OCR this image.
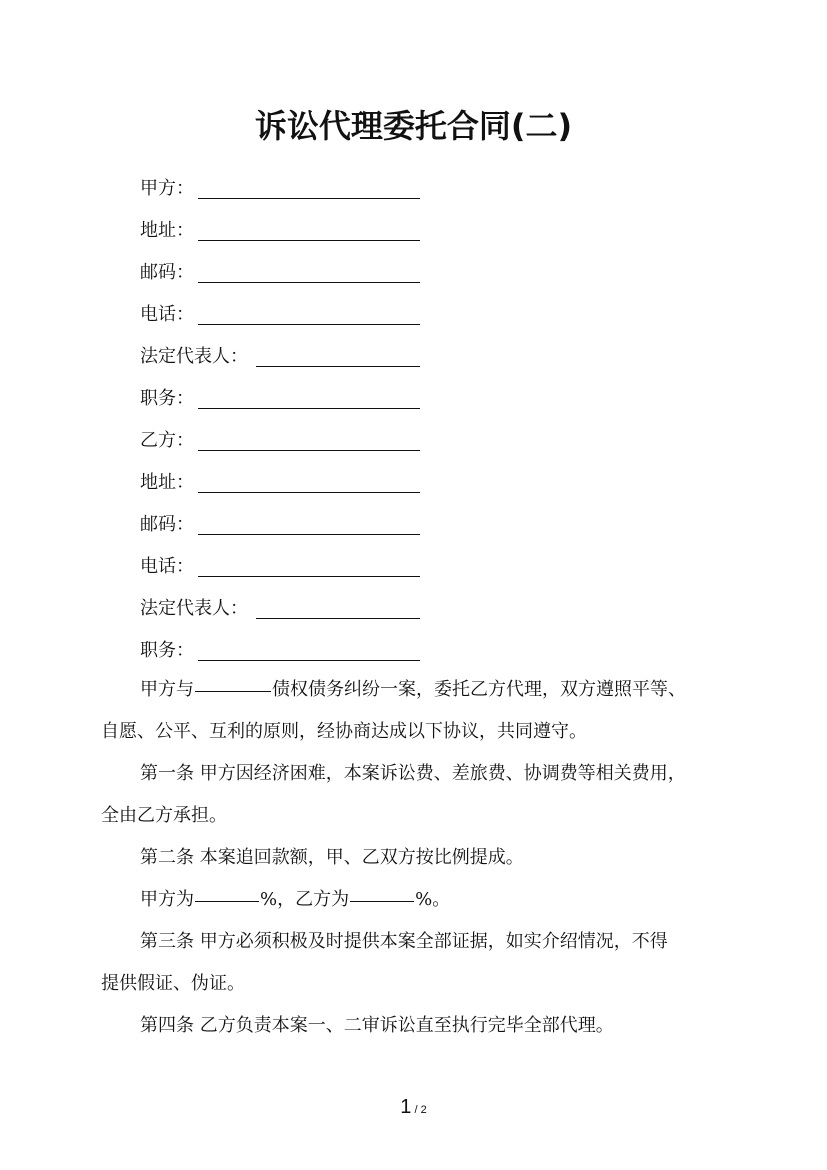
诉讼代理委托合同(二)
甲方：
地址：
邮码：
电话：
法定代表人：
职务：
乙方：
地址：
邮码：
电话：
法定代表人：
职务：
甲方与	债权债务纠纷一案，委托乙方代理，双方遵照平等、
自愿、公平、互利的原则，经协商达成以下协议，共同遵守。
第一条 甲方因经济困难，本案诉讼费、差旅费、协调费等相关费用，
全由乙方承担。
第二条 本案追回款额，甲、乙双方按比例提成。
甲方为	%，乙方为	%。
第三条 甲方必须积极及时提供本案全部证据，如实介绍情况，不得
提供假证、伪证。
第四条 乙方负责本案一、二审诉讼直至执行完毕全部代理。
1 / 2
